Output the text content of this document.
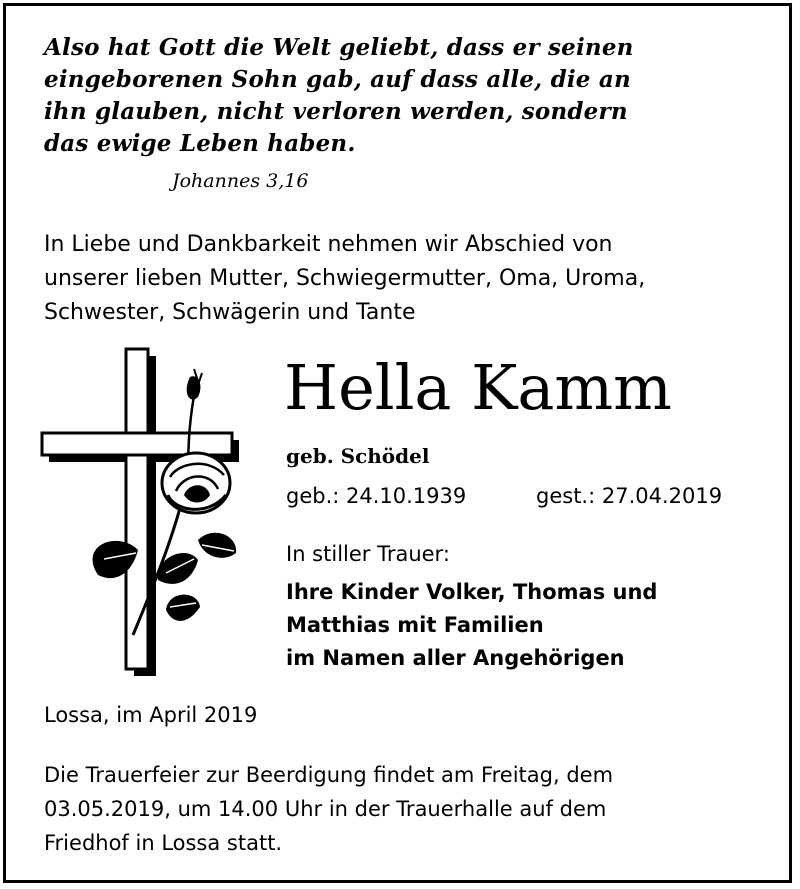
Also hat Gott die Welt geliebt, dass er seinen
eingeborenen Sohn gab, auf dass alle, die an
ihn glauben, nicht verloren werden, sondern
das ewige Leben haben.
Johannes 3,16
In Liebe und Dankbarkeit nehmen wir Abschied von
unserer lieben Mutter, Schwiegermutter, Oma, Uroma,
Schwester, Schwägerin und Tante
Hella Kamm
geb. Schödel
geb.: 24.10.1939	gest.: 27.04.2019
In stiller Trauer:
Ihre Kinder Volker, Thomas und
Matthias mit Familien
im Namen aller Angehörigen
Lossa, im April 2019
Die Trauerfeier zur Beerdigung findet am Freitag, dem
03.05.2019, um 14.00 Uhr in der Trauerhalle auf dem
Friedhof in Lossa statt.
